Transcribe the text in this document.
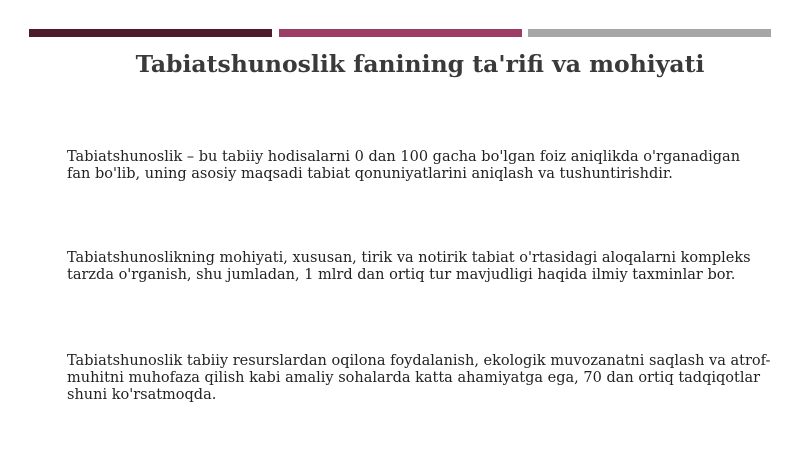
Tabiatshunoslik fanining ta'rifi va mohiyati
Tabiatshunoslik – bu tabiiy hodisalarni 0 dan 100 gacha bo'lgan foiz aniqlikda o'rganadigan
fan bo'lib, uning asosiy maqsadi tabiat qonuniyatlarini aniqlash va tushuntirishdir.
Tabiatshunoslikning mohiyati, xususan, tirik va notirik tabiat o'rtasidagi aloqalarni kompleks
tarzda o'rganish, shu jumladan, 1 mlrd dan ortiq tur mavjudligi haqida ilmiy taxminlar bor.
Tabiatshunoslik tabiiy resurslardan oqilona foydalanish, ekologik muvozanatni saqlash va atrof-
muhitni muhofaza qilish kabi amaliy sohalarda katta ahamiyatga ega, 70 dan ortiq tadqiqotlar
shuni ko'rsatmoqda.
